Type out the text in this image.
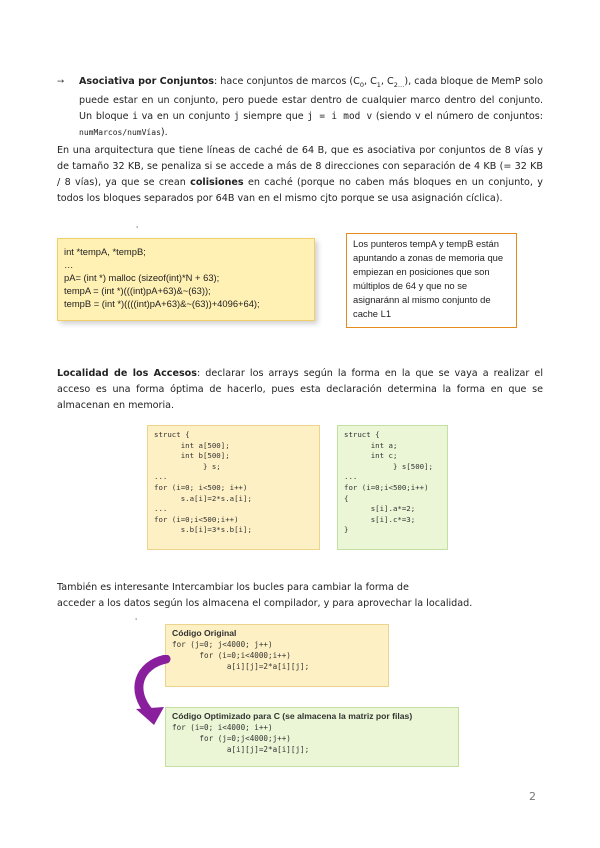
➙ Asociativa por Conjuntos: hace conjuntos de marcos ($C_0$, $C_1$, $C_{2\dots}$), cada bloque de MemP solo puede estar en un conjunto, pero puede estar dentro de cualquier marco dentro del conjunto. Un bloque i va en un conjunto j siempre que j = i mod v (siendo v el número de conjuntos: numMarcos/numVías).
En una arquitectura que tiene líneas de caché de 64 B, que es asociativa por conjuntos de 8 vías y de tamaño 32 KB, se penaliza si se accede a más de 8 direcciones con separación de 4 KB (= 32 KB / 8 vías), ya que se crean colisiones en caché (porque no caben más bloques en un conjunto, y todos los bloques separados por 64B van en el mismo cjto porque se usa asignación cíclica).
'
int *tempA, *tempB;
…
pA= (int *) malloc (sizeof(int)*N + 63);
tempA = (int *)(((int)pA+63)&~(63));
tempB = (int *)((((int)pA+63)&~(63))+4096+64);
Los punteros tempA y tempB están apuntando a zonas de memoria que empiezan en posiciones que son múltiplos de 64 y que no se asignaránn al mismo conjunto de cache L1
Localidad de los Accesos: declarar los arrays según la forma en la que se vaya a realizar el acceso es una forma óptima de hacerlo, pues esta declaración determina la forma en que se almacenan en memoria.
struct {
int a[500];
int b[500];
} s;
...
for (i=0; i<500; i++)
s.a[i]=2*s.a[i];
...
for (i=0;i<500;i++)
s.b[i]=3*s.b[i];
struct {
int a;
int c;
} s[500];
...
for (i=0;i<500;i++)
{
s[i].a*=2;
s[i].c*=3;
}
También es interesante Intercambiar los bucles para cambiar la forma de
acceder a los datos según los almacena el compilador, y para aprovechar la localidad.
'
Código Original
for (j=0; j<4000; j++)
for (i=0;i<4000;i++)
a[i][j]=2*a[i][j];
Código Optimizado para C (se almacena la matriz por filas)
for (i=0; i<4000; i++)
for (j=0;j<4000;j++)
a[i][j]=2*a[i][j];
2
